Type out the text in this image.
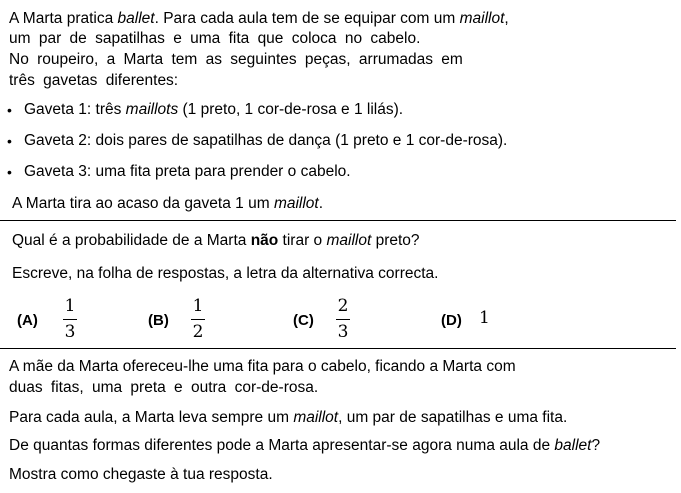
A Marta pratica ballet. Para cada aula tem de se equipar com um maillot,
um par de sapatilhas e uma fita que coloca no cabelo.
No roupeiro, a Marta tem as seguintes peças, arrumadas em
três gavetas diferentes:
• Gaveta 1: três maillots (1 preto, 1 cor-de-rosa e 1 lilás).
• Gaveta 2: dois pares de sapatilhas de dança (1 preto e 1 cor-de-rosa).
• Gaveta 3: uma fita preta para prender o cabelo.
A Marta tira ao acaso da gaveta 1 um maillot.
Qual é a probabilidade de a Marta não tirar o maillot preto?
Escreve, na folha de respostas, a letra da alternativa correcta.
(A)
1
3
(B)
1
2
(C)
2
3
(D) 1
A mãe da Marta ofereceu-lhe uma fita para o cabelo, ficando a Marta com
duas fitas, uma preta e outra cor-de-rosa.
Para cada aula, a Marta leva sempre um maillot, um par de sapatilhas e uma fita.
De quantas formas diferentes pode a Marta apresentar-se agora numa aula de ballet?
Mostra como chegaste à tua resposta.
